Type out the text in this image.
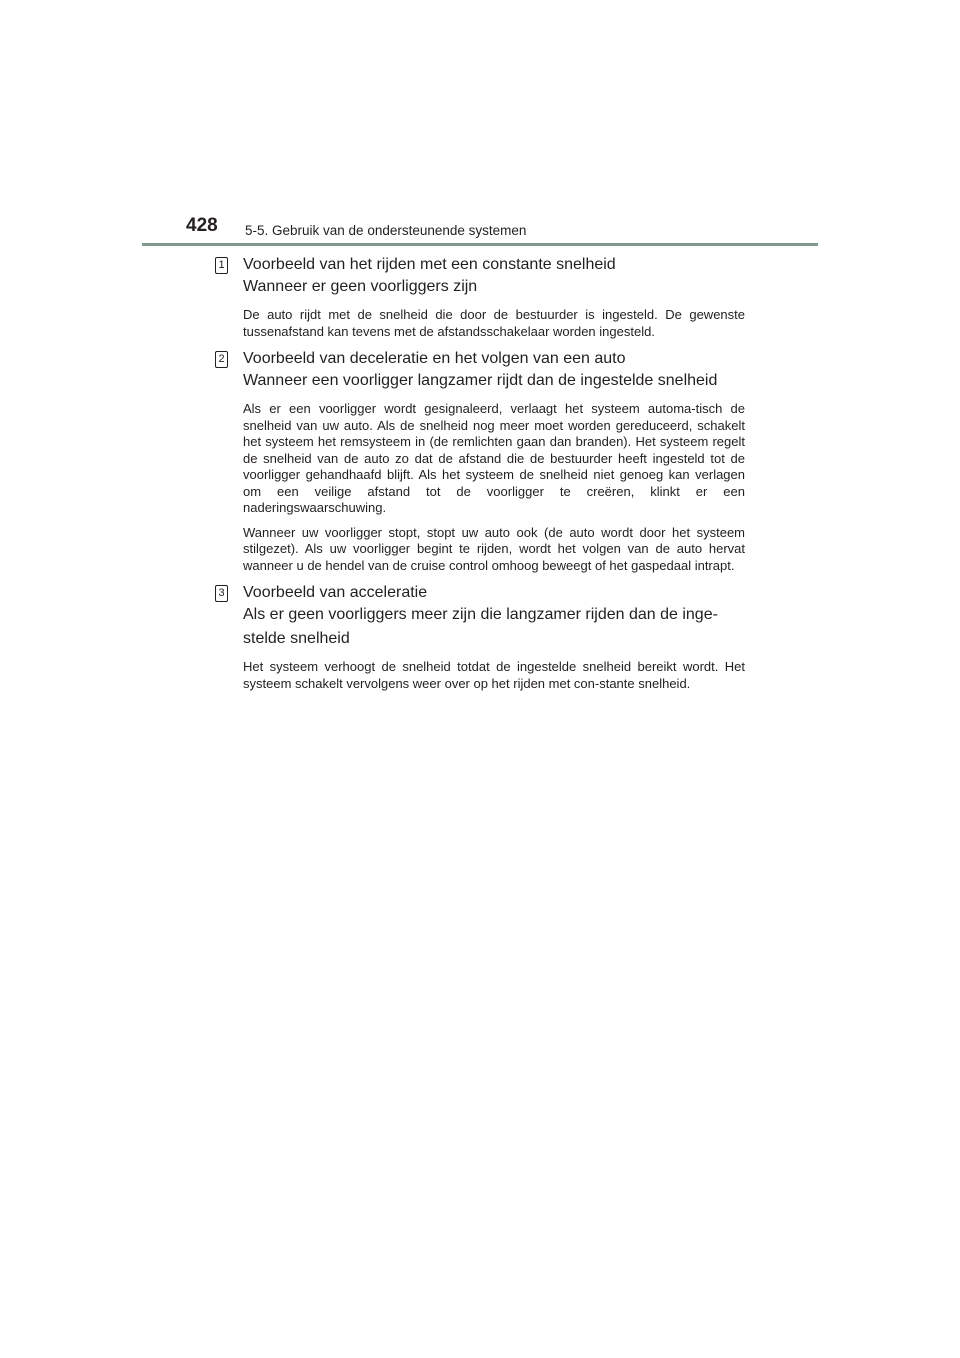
428 5-5. Gebruik van de ondersteunende systemen
1 Voorbeeld van het rijden met een constante snelheid

Wanneer er geen voorliggers zijn

De auto rijdt met de snelheid die door de bestuurder is ingesteld. De gewenste tussenafstand kan tevens met de afstandsschakelaar worden ingesteld.

2 Voorbeeld van deceleratie en het volgen van een auto

Wanneer een voorligger langzamer rijdt dan de ingestelde snelheid

Als er een voorligger wordt gesignaleerd, verlaagt het systeem automa-tisch de snelheid van uw auto. Als de snelheid nog meer moet worden gereduceerd, schakelt het systeem het remsysteem in (de remlichten gaan dan branden). Het systeem regelt de snelheid van de auto zo dat de afstand die de bestuurder heeft ingesteld tot de voorligger gehandhaafd blijft. Als het systeem de snelheid niet genoeg kan verlagen om een veilige afstand tot de voorligger te creëren, klinkt er een naderingswaarschuwing.

Wanneer uw voorligger stopt, stopt uw auto ook (de auto wordt door het systeem stilgezet). Als uw voorligger begint te rijden, wordt het volgen van de auto hervat wanneer u de hendel van de cruise control omhoog beweegt of het gaspedaal intrapt.

3 Voorbeeld van acceleratie

Als er geen voorliggers meer zijn die langzamer rijden dan de inge-stelde snelheid

Het systeem verhoogt de snelheid totdat de ingestelde snelheid bereikt wordt. Het systeem schakelt vervolgens weer over op het rijden met con-stante snelheid.
